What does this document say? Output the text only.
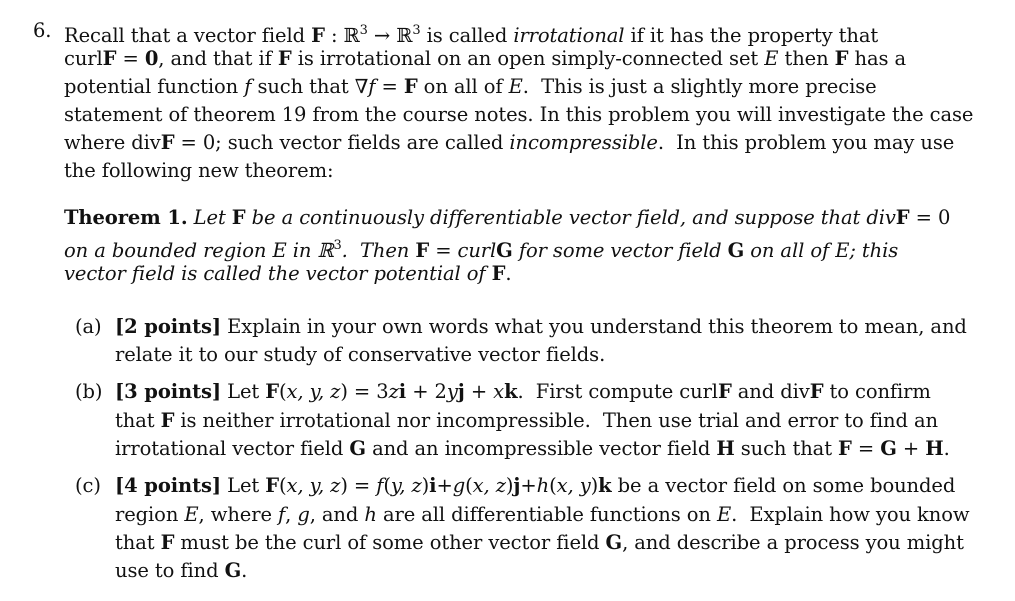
6. Recall that a vector field F : ℝ$^3$ → ℝ$^3$ is called irrotational if it has the property that
curlF = 0, and that if F is irrotational on an open simply-connected set E then F has a
potential function f such that ∇f = F on all of E.  This is just a slightly more precise
statement of theorem 19 from the course notes. In this problem you will investigate the case
where divF = 0; such vector fields are called incompressible.  In this problem you may use
the following new theorem:
Theorem 1. Let F be a continuously differentiable vector field, and suppose that divF = 0
on a bounded region E in ℝ$^3$.  Then F = curlG for some vector field G on all of E; this
vector field is called the vector potential of F.
(a) [2 points] Explain in your own words what you understand this theorem to mean, and
relate it to our study of conservative vector fields.
(b) [3 points] Let F(x, y, z) = 3zi + 2yj + xk.  First compute curlF and divF to confirm
that F is neither irrotational nor incompressible.  Then use trial and error to find an
irrotational vector field G and an incompressible vector field H such that F = G + H.
(c) [4 points] Let F(x, y, z) = f(y, z)i+g(x, z)j+h(x, y)k be a vector field on some bounded
region E, where f, g, and h are all differentiable functions on E.  Explain how you know
that F must be the curl of some other vector field G, and describe a process you might
use to find G.
